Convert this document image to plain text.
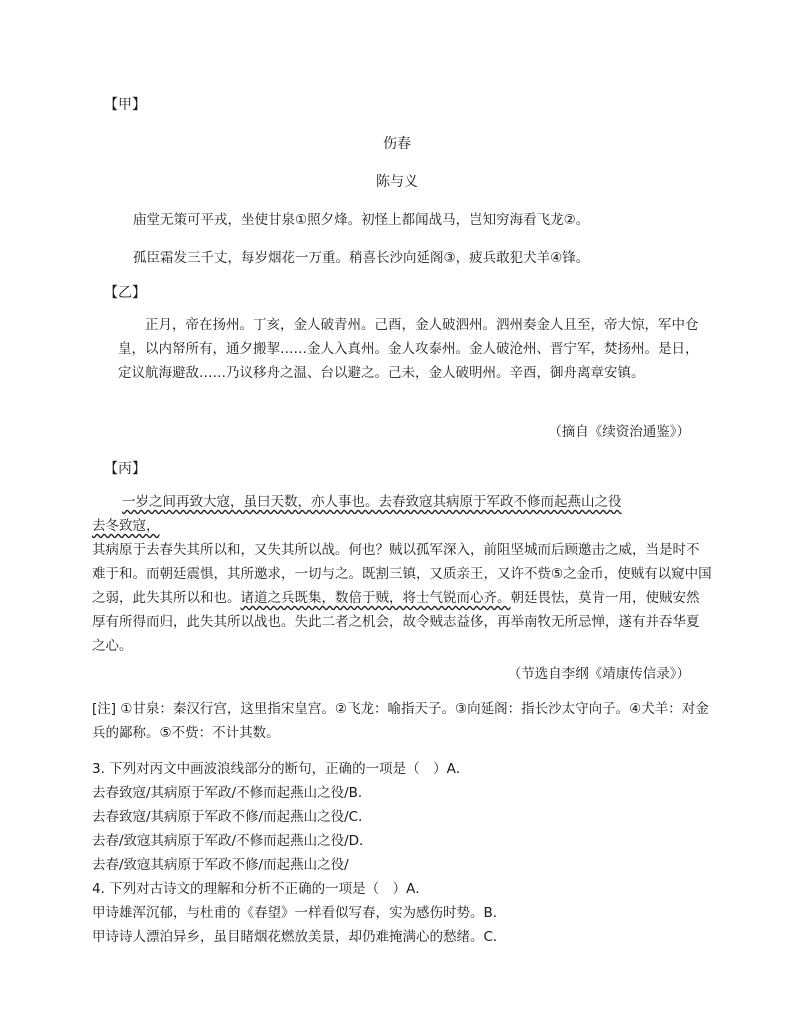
【甲】
伤春
陈与义
庙堂无策可平戎，坐使甘泉①照夕烽。初怪上都闻战马，岂知穷海看飞龙②。
孤臣霜发三千丈，每岁烟花一万重。稍喜长沙向延阁③，疲兵敢犯犬羊④锋。
【乙】
正月，帝在扬州。丁亥，金人破青州。己酉，金人破泗州。泗州奏金人且至，帝大惊，军中仓皇，以内帑所有，通夕搬挈……金人入真州。金人攻泰州。金人破沧州、晋宁军，焚扬州。是日，定议航海避敌……乃议移舟之温、台以避之。己未，金人破明州。辛酉，御舟离章安镇。
（摘自《续资治通鉴》）
【丙】
一岁之间再致大寇，虽曰天数，亦人事也。去春致寇其病原于军政不修而起燕山之役
去冬致寇，
其病原于去春失其所以和，又失其所以战。何也？贼以孤军深入，前阻坚城而后顾邀击之威，当是时不难于和。而朝廷震惧，其所邀求，一切与之。既割三镇，又质亲王，又许不赀⑤之金币，使贼有以窥中国之弱，此失其所以和也。诸道之兵既集，数倍于贼，将士气锐而心齐。朝廷畏怯，莫肯一用，使贼安然厚有所得而归，此失其所以战也。失此二者之机会，故令贼志益侈，再举南牧无所忌惮，遂有并吞华夏之心。
（节选自李纲《靖康传信录》）
[注] ①甘泉：秦汉行宫，这里指宋皇宫。②飞龙：喻指天子。③向延阁：指长沙太守向子。④犬羊：对金兵的鄙称。⑤不赀：不计其数。
3. 下列对丙文中画波浪线部分的断句，正确的一项是（　）A．
去春致寇/其病原于军政/不修而起燕山之役/B．
去春致寇/其病原于军政不修/而起燕山之役/C．
去春/致寇其病原于军政/不修而起燕山之役/D．
去春/致寇其病原于军政不修/而起燕山之役/
4. 下列对古诗文的理解和分析不正确的一项是（　）A．
甲诗雄浑沉郁，与杜甫的《春望》一样看似写春，实为感伤时势。B．
甲诗诗人漂泊异乡，虽目睹烟花燃放美景，却仍难掩满心的愁绪。C．
